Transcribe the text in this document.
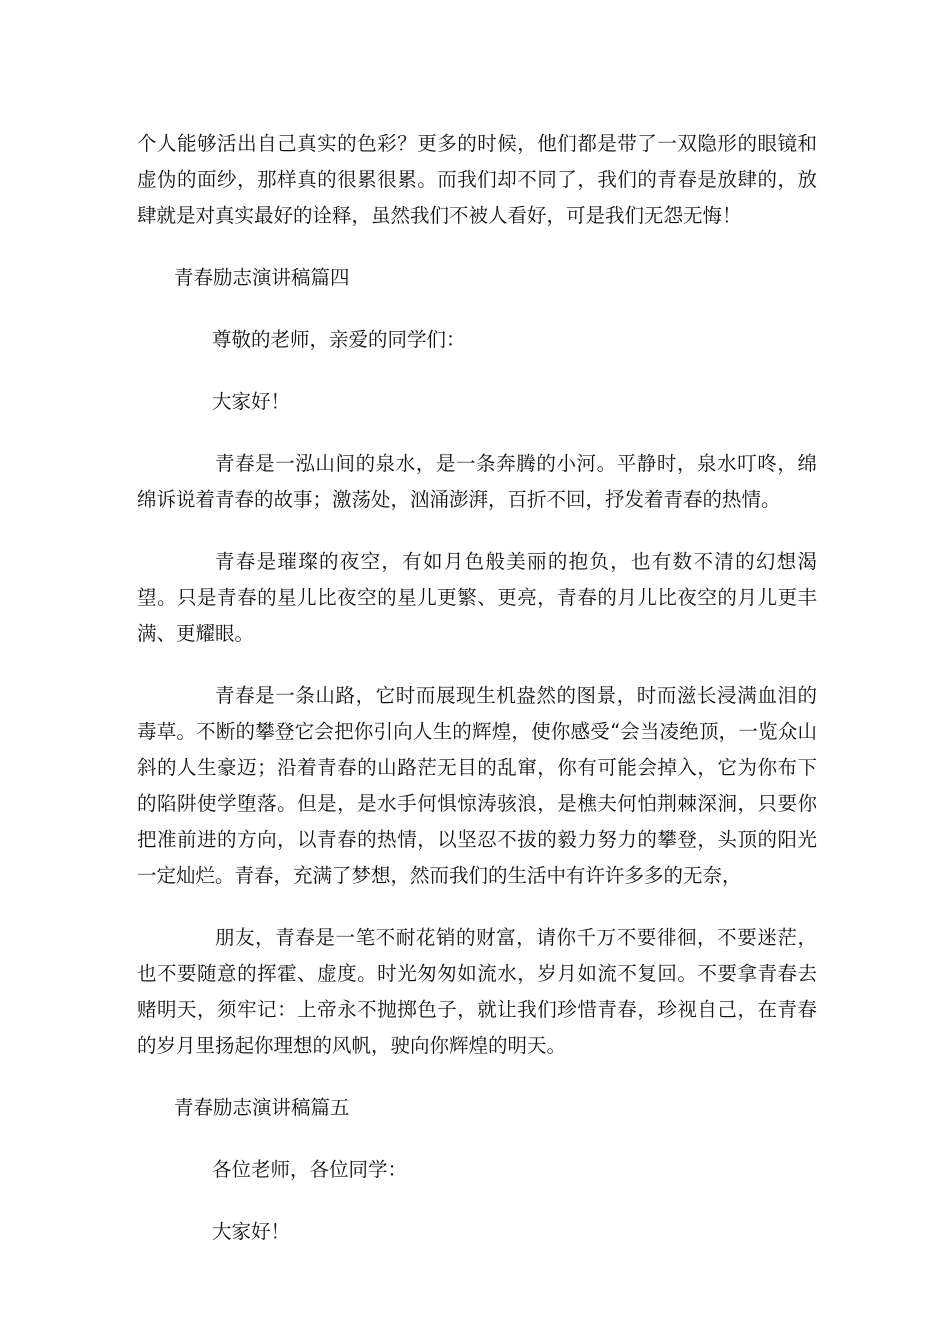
个人能够活出自己真实的色彩？更多的时候，他们都是带了一双隐形的眼镜和虚伪的面纱，那样真的很累很累。而我们却不同了，我们的青春是放肆的，放肆就是对真实最好的诠释，虽然我们不被人看好，可是我们无怨无悔！

青春励志演讲稿篇四

尊敬的老师，亲爱的同学们：

大家好！

青春是一泓山间的泉水，是一条奔腾的小河。平静时，泉水叮咚，绵绵诉说着青春的故事；激荡处，汹涌澎湃，百折不回，抒发着青春的热情。

青春是璀璨的夜空，有如月色般美丽的抱负，也有数不清的幻想渴望。只是青春的星儿比夜空的星儿更繁、更亮，青春的月儿比夜空的月儿更丰满、更耀眼。

青春是一条山路，它时而展现生机盎然的图景，时而滋长浸满血泪的毒草。不断的攀登它会把你引向人生的辉煌，使你感受“会当凌绝顶，一览众山斜的人生豪迈；沿着青春的山路茫无目的乱窜，你有可能会掉入，它为你布下的陷阱使学堕落。但是，是水手何惧惊涛骇浪，是樵夫何怕荆棘深涧，只要你把准前进的方向，以青春的热情，以坚忍不拔的毅力努力的攀登，头顶的阳光一定灿烂。青春，充满了梦想，然而我们的生活中有许许多多的无奈，

朋友，青春是一笔不耐花销的财富，请你千万不要徘徊，不要迷茫，也不要随意的挥霍、虚度。时光匆匆如流水，岁月如流不复回。不要拿青春去赌明天，须牢记：上帝永不抛掷色子，就让我们珍惜青春，珍视自己，在青春的岁月里扬起你理想的风帆，驶向你辉煌的明天。

青春励志演讲稿篇五

各位老师，各位同学：

大家好！
